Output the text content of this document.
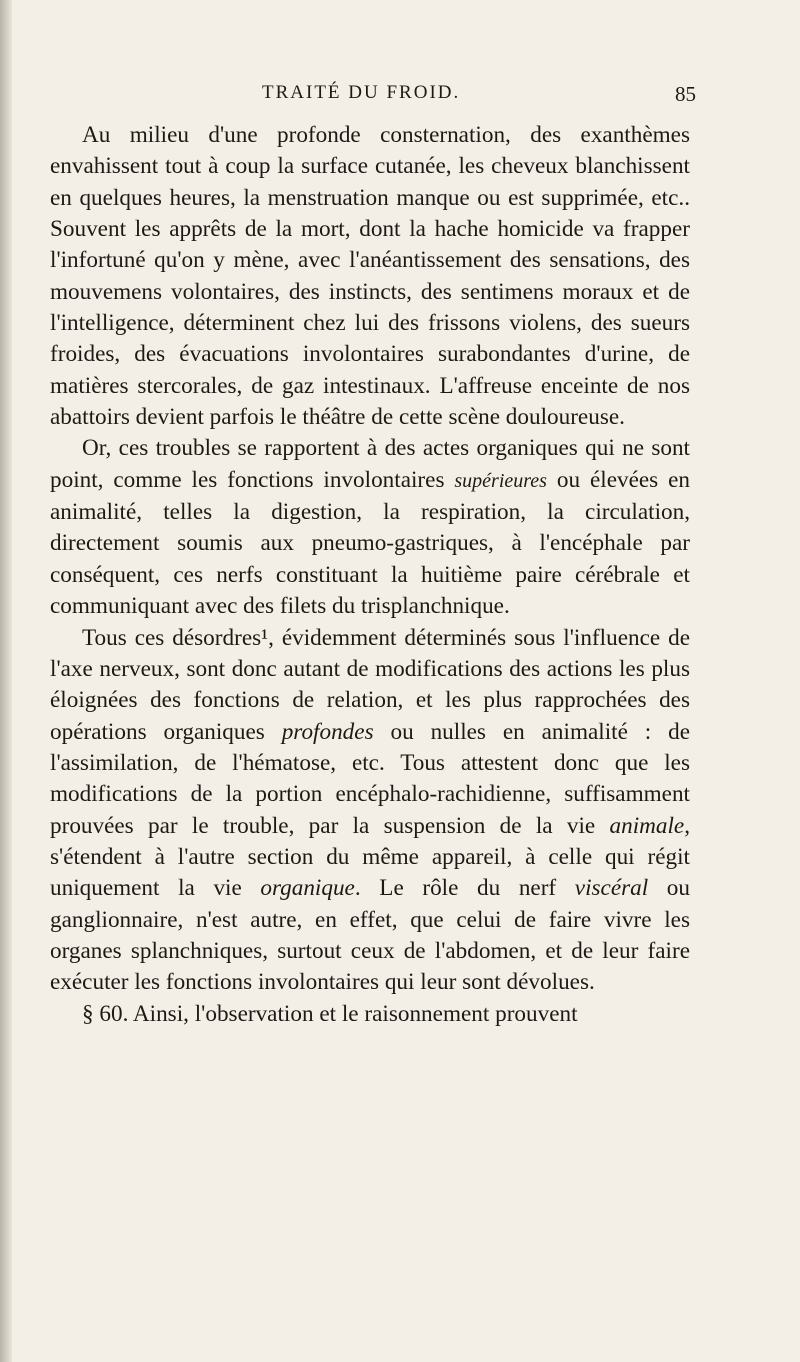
TRAITÉ DU FROID.	85

Au milieu d'une profonde consternation, des exanthèmes envahissent tout à coup la surface cutanée, les cheveux blanchissent en quelques heures, la menstruation manque ou est supprimée, etc.. Souvent les apprêts de la mort, dont la hache homicide va frapper l'infortuné qu'on y mène, avec l'anéantissement des sensations, des mouvemens volontaires, des instincts, des sentimens moraux et de l'intelligence, déterminent chez lui des frissons violens, des sueurs froides, des évacuations involontaires surabondantes d'urine, de matières stercorales, de gaz intestinaux. L'affreuse enceinte de nos abattoirs devient parfois le théâtre de cette scène douloureuse.

Or, ces troubles se rapportent à des actes organiques qui ne sont point, comme les fonctions involontaires supérieures ou élevées en animalité, telles la digestion, la respiration, la circulation, directement soumis aux pneumo-gastriques, à l'encéphale par conséquent, ces nerfs constituant la huitième paire cérébrale et communiquant avec des filets du trisplanchnique.

Tous ces désordres¹, évidemment déterminés sous l'influence de l'axe nerveux, sont donc autant de modifications des actions les plus éloignées des fonctions de relation, et les plus rapprochées des opérations organiques profondes ou nulles en animalité : de l'assimilation, de l'hématose, etc. Tous attestent donc que les modifications de la portion encéphalo-rachidienne, suffisamment prouvées par le trouble, par la suspension de la vie animale, s'étendent à l'autre section du même appareil, à celle qui régit uniquement la vie organique. Le rôle du nerf viscéral ou ganglionnaire, n'est autre, en effet, que celui de faire vivre les organes splanchniques, surtout ceux de l'abdomen, et de leur faire exécuter les fonctions involontaires qui leur sont dévolues.

§ 60. Ainsi, l'observation et le raisonnement prouvent
